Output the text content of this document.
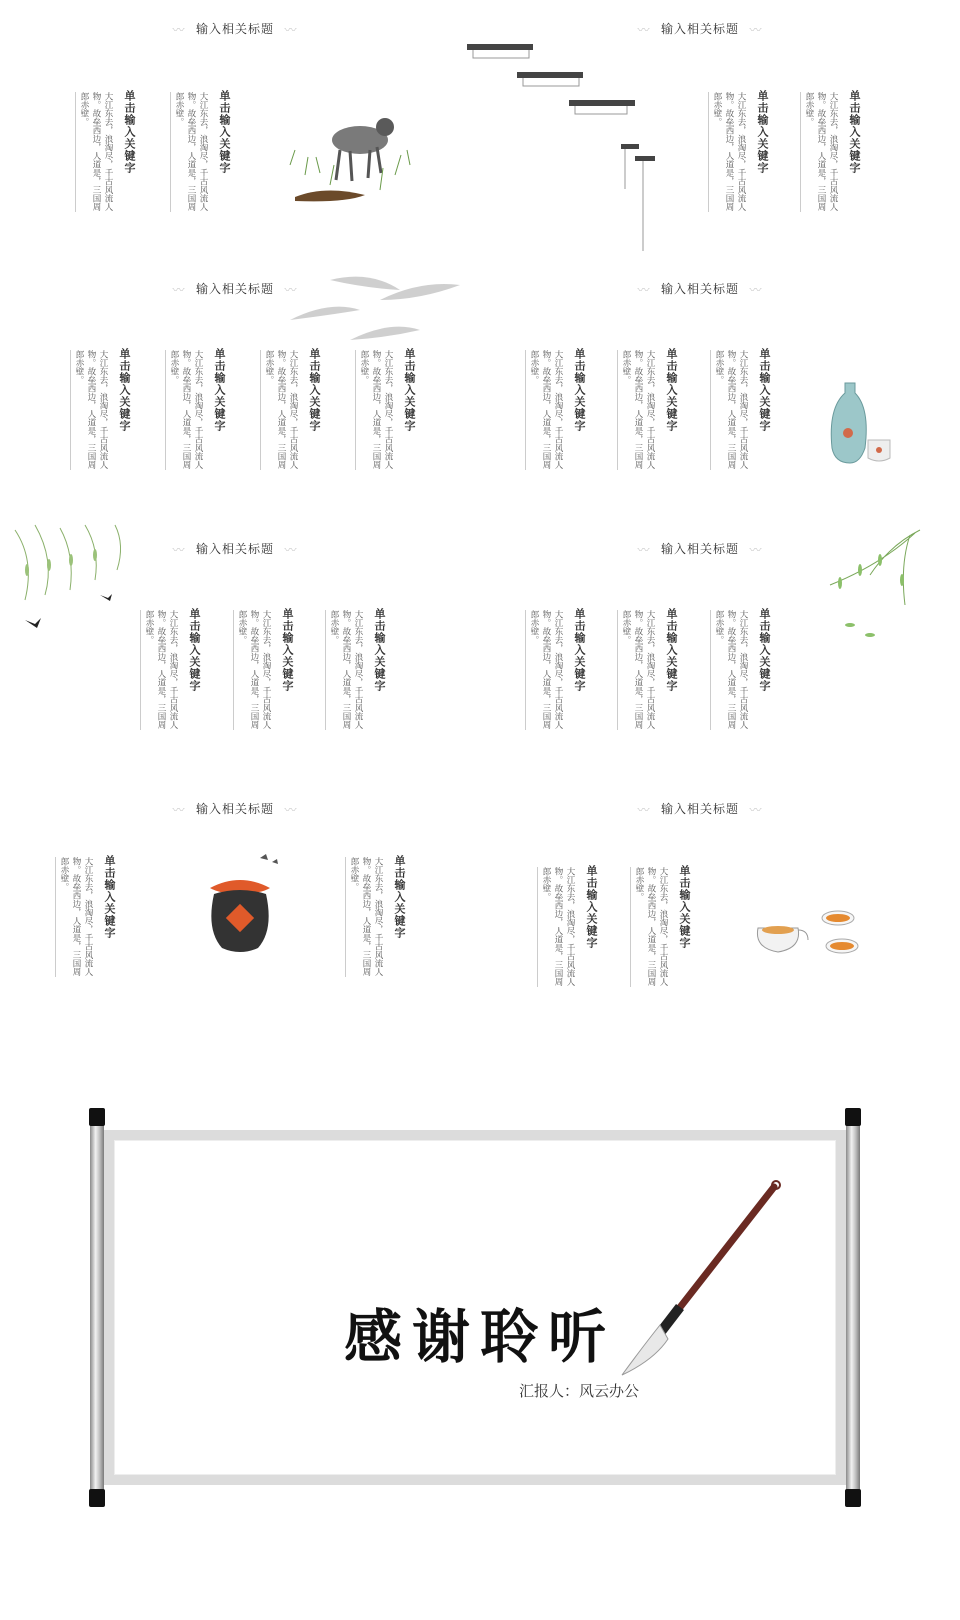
〰 输入相关标题 〰
单击输入关键字
大江东去，浪淘尽，千古风流人物。故垒西边，人道是，三国周郎赤壁。
单击输入关键字
大江东去，浪淘尽，千古风流人物。故垒西边，人道是，三国周郎赤壁。
〰 输入相关标题 〰
单击输入关键字
大江东去，浪淘尽，千古风流人物。故垒西边，人道是，三国周郎赤壁。
单击输入关键字
大江东去，浪淘尽，千古风流人物。故垒西边，人道是，三国周郎赤壁。
〰 输入相关标题 〰
单击输入关键字
大江东去，浪淘尽，千古风流人物。故垒西边，人道是，三国周郎赤壁。
单击输入关键字
大江东去，浪淘尽，千古风流人物。故垒西边，人道是，三国周郎赤壁。
单击输入关键字
大江东去，浪淘尽，千古风流人物。故垒西边，人道是，三国周郎赤壁。
单击输入关键字
大江东去，浪淘尽，千古风流人物。故垒西边，人道是，三国周郎赤壁。
〰 输入相关标题 〰
单击输入关键字
大江东去，浪淘尽，千古风流人物。故垒西边，人道是，三国周郎赤壁。
单击输入关键字
大江东去，浪淘尽，千古风流人物。故垒西边，人道是，三国周郎赤壁。
单击输入关键字
大江东去，浪淘尽，千古风流人物。故垒西边，人道是，三国周郎赤壁。
〰 输入相关标题 〰
单击输入关键字
大江东去，浪淘尽，千古风流人物。故垒西边，人道是，三国周郎赤壁。
单击输入关键字
大江东去，浪淘尽，千古风流人物。故垒西边，人道是，三国周郎赤壁。
单击输入关键字
大江东去，浪淘尽，千古风流人物。故垒西边，人道是，三国周郎赤壁。
〰 输入相关标题 〰
单击输入关键字
大江东去，浪淘尽，千古风流人物。故垒西边，人道是，三国周郎赤壁。
单击输入关键字
大江东去，浪淘尽，千古风流人物。故垒西边，人道是，三国周郎赤壁。
单击输入关键字
大江东去，浪淘尽，千古风流人物。故垒西边，人道是，三国周郎赤壁。
〰 输入相关标题 〰
单击输入关键字
大江东去，浪淘尽，千古风流人物。故垒西边，人道是，三国周郎赤壁。	单击输入关键字
大江东去，浪淘尽，千古风流人物。故垒西边，人道是，三国周郎赤壁。
〰 输入相关标题 〰
单击输入关键字
大江东去，浪淘尽，千古风流人物。故垒西边，人道是，三国周郎赤壁。
单击输入关键字
大江东去，浪淘尽，千古风流人物。故垒西边，人道是，三国周郎赤壁。
感谢聆听
汇报人：风云办公
